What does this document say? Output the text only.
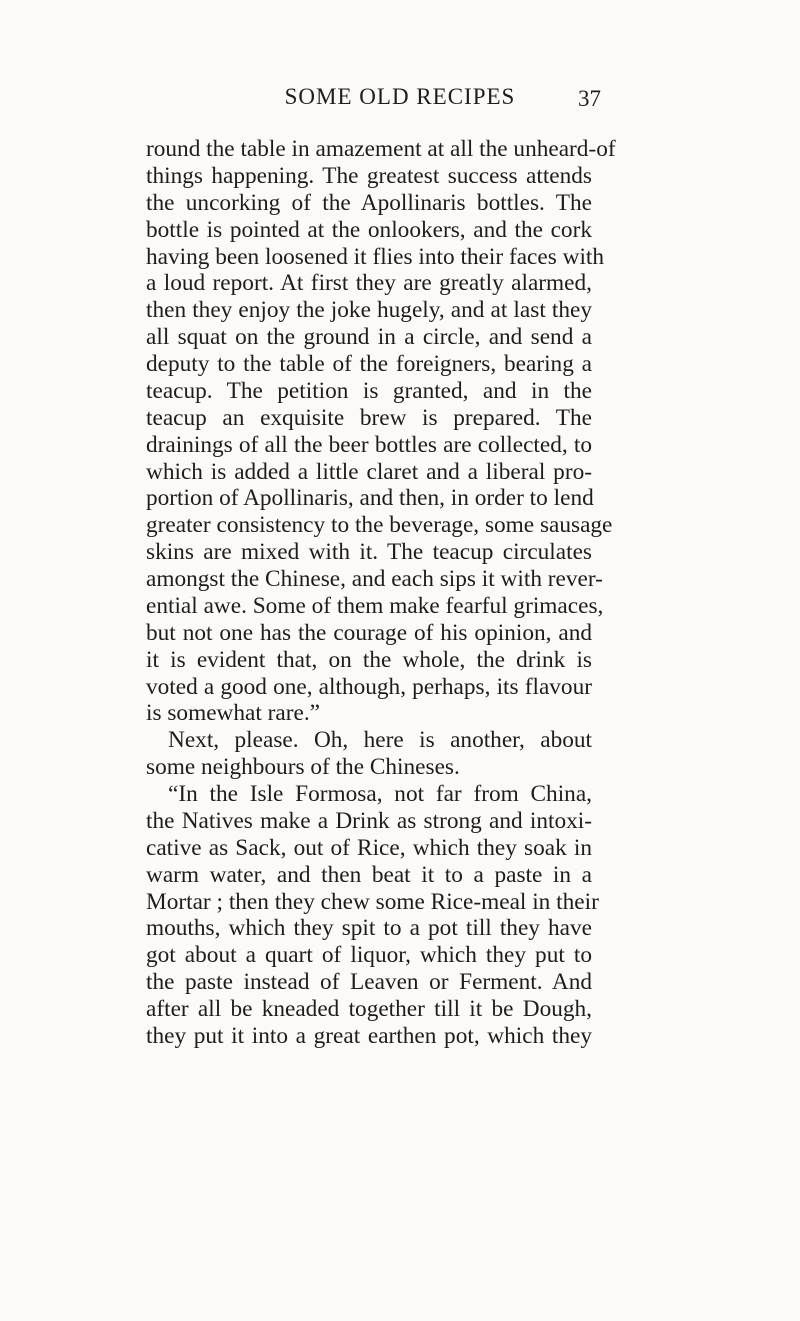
SOME OLD RECIPES	37
round the table in amazement at all the unheard-of
things happening. The greatest success attends
the uncorking of the Apollinaris bottles. The
bottle is pointed at the onlookers, and the cork
having been loosened it flies into their faces with
a loud report. At first they are greatly alarmed,
then they enjoy the joke hugely, and at last they
all squat on the ground in a circle, and send a
deputy to the table of the foreigners, bearing a
teacup. The petition is granted, and in the
teacup an exquisite brew is prepared. The
drainings of all the beer bottles are collected, to
which is added a little claret and a liberal pro-
portion of Apollinaris, and then, in order to lend
greater consistency to the beverage, some sausage
skins are mixed with it. The teacup circulates
amongst the Chinese, and each sips it with rever-
ential awe. Some of them make fearful grimaces,
but not one has the courage of his opinion, and
it is evident that, on the whole, the drink is
voted a good one, although, perhaps, its flavour
is somewhat rare.”
Next, please. Oh, here is another, about
some neighbours of the Chineses.
“In the Isle Formosa, not far from China,
the Natives make a Drink as strong and intoxi-
cative as Sack, out of Rice, which they soak in
warm water, and then beat it to a paste in a
Mortar ; then they chew some Rice-meal in their
mouths, which they spit to a pot till they have
got about a quart of liquor, which they put to
the paste instead of Leaven or Ferment. And
after all be kneaded together till it be Dough,
they put it into a great earthen pot, which they
